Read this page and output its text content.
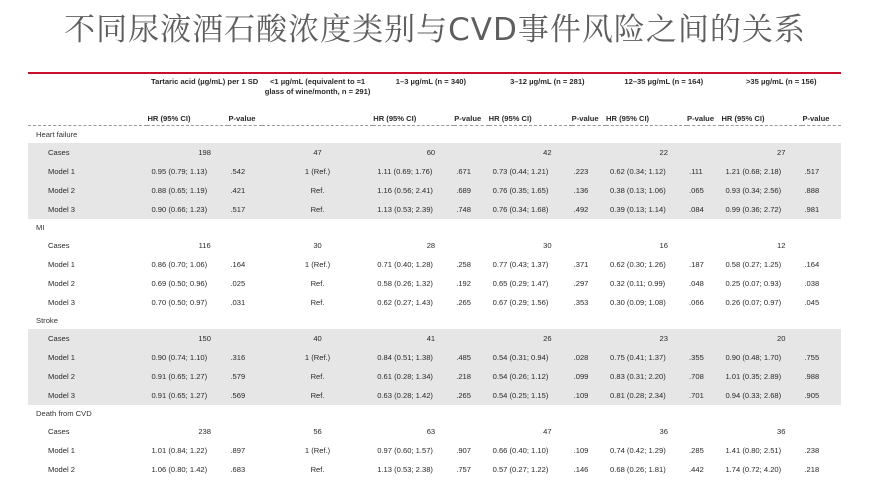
不同尿液酒石酸浓度类别与CVD事件风险之间的关系
	Tartaric acid (µg/mL) per 1 SD		<1 µg/mL (equivalent to ≈1 glass of wine/month, n = 291)	1–3 µg/mL (n = 340)		3–12 µg/mL (n = 281)		12–35 µg/mL (n = 164)		>35 µg/mL (n = 156)	
	HR (95% CI)	P-value		HR (95% CI)	P-value	HR (95% CI)	P-value	HR (95% CI)	P-value	HR (95% CI)	P-value
Heart failure											
Cases	198		47	60		42		22		27	
Model 1	0.95 (0.79; 1.13)	.542	1 (Ref.)	1.11 (0.69; 1.76)	.671	0.73 (0.44; 1.21)	.223	0.62 (0.34; 1.12)	.111	1.21 (0.68; 2.18)	.517
Model 2	0.88 (0.65; 1.19)	.421	Ref.	1.16 (0.56; 2.41)	.689	0.76 (0.35; 1.65)	.136	0.38 (0.13; 1.06)	.065	0.93 (0.34; 2.56)	.888
Model 3	0.90 (0.66; 1.23)	.517	Ref.	1.13 (0.53; 2.39)	.748	0.76 (0.34; 1.68)	.492	0.39 (0.13; 1.14)	.084	0.99 (0.36; 2.72)	.981
MI											
Cases	116		30	28		30		16		12	
Model 1	0.86 (0.70; 1.06)	.164	1 (Ref.)	0.71 (0.40; 1.28)	.258	0.77 (0.43; 1.37)	.371	0.62 (0.30; 1.26)	.187	0.58 (0.27; 1.25)	.164
Model 2	0.69 (0.50; 0.96)	.025	Ref.	0.58 (0.26; 1.32)	.192	0.65 (0.29; 1.47)	.297	0.32 (0.11; 0.99)	.048	0.25 (0.07; 0.93)	.038
Model 3	0.70 (0.50; 0.97)	.031	Ref.	0.62 (0.27; 1.43)	.265	0.67 (0.29; 1.56)	.353	0.30 (0.09; 1.08)	.066	0.26 (0.07; 0.97)	.045
Stroke											
Cases	150		40	41		26		23		20	
Model 1	0.90 (0.74; 1.10)	.316	1 (Ref.)	0.84 (0.51; 1.38)	.485	0.54 (0.31; 0.94)	.028	0.75 (0.41; 1.37)	.355	0.90 (0.48; 1.70)	.755
Model 2	0.91 (0.65; 1.27)	.579	Ref.	0.61 (0.28; 1.34)	.218	0.54 (0.26; 1.12)	.099	0.83 (0.31; 2.20)	.708	1.01 (0.35; 2.89)	.988
Model 3	0.91 (0.65; 1.27)	.569	Ref.	0.63 (0.28; 1.42)	.265	0.54 (0.25; 1.15)	.109	0.81 (0.28; 2.34)	.701	0.94 (0.33; 2.68)	.905
Death from CVD											
Cases	238		56	63		47		36		36	
Model 1	1.01 (0.84; 1.22)	.897	1 (Ref.)	0.97 (0.60; 1.57)	.907	0.66 (0.40; 1.10)	.109	0.74 (0.42; 1.29)	.285	1.41 (0.80; 2.51)	.238
Model 2	1.06 (0.80; 1.42)	.683	Ref.	1.13 (0.53; 2.38)	.757	0.57 (0.27; 1.22)	.146	0.68 (0.26; 1.81)	.442	1.74 (0.72; 4.20)	.218
